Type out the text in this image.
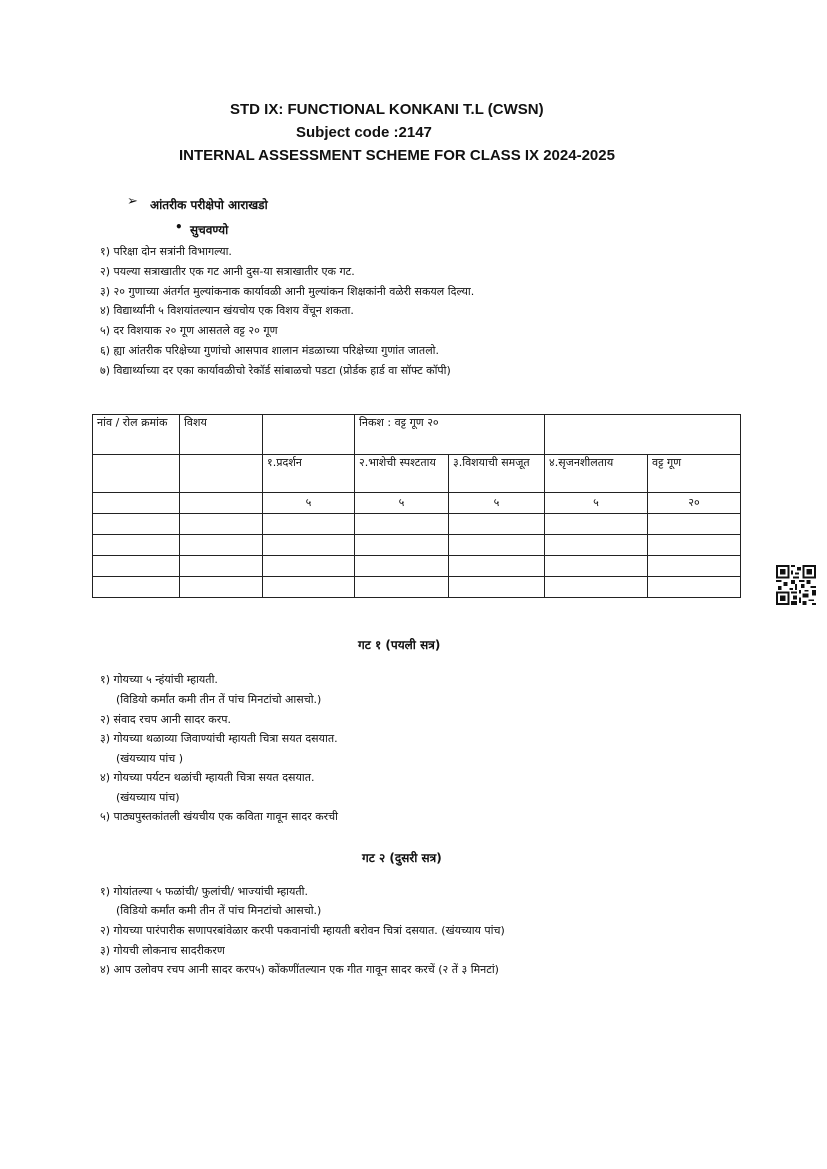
STD IX: FUNCTIONAL KONKANI T.L (CWSN)
Subject code :2147
INTERNAL ASSESSMENT SCHEME FOR CLASS IX 2024-2025
➢ आंतरीक परीक्षेपो आराखडो
• सुचवण्यो
१) परिक्षा दोन सत्रांनी विभागल्या.
२) पयल्या सत्राखातीर एक गट आनी दुस-या सत्राखातीर एक गट.
३) २० गुणाच्या अंतर्गत मुल्यांकनाक कार्यावळी आनी मुल्यांकन शिक्षकांनी वळेरी सकयल दिल्या.
४) विद्यार्थ्यांनी ५ विशयांतल्यान खंयचोय एक विशय वेंचून शकता.
५) दर विशयाक २० गूण आसतले वट्ट २० गूण
६) ह्या आंतरीक परिक्षेच्या गुणांचो आसपाव शालान मंडळाच्या परिक्षेच्या गुणांत जातलो.
७) विद्यार्थ्याच्या दर एका कार्यावळीचो रेकॉर्ड सांबाळचो पडटा (प्रोर्डक हार्ड वा सॉफ्ट कॉपी)
नांव / रोल क्रमांक	विशय		निकश : वट्ट गूण २०			
		१.प्रदर्शन	२.भाशेची स्पश्टताय	३.विशयाची समजूत	४.सृजनशीलताय	वट्ट गूण
		५	५	५	५	२०

गट १ (पयली सत्र)
१) गोयच्या ५ न्हंयांची म्हायती.
(विडियो कर्मांत कमी तीन तें पांच मिनटांचो आसचो.)
२) संवाद रचप आनी सादर करप.
३) गोयच्या थळाव्या जिवाण्यांची म्हायती चित्रा सयत दसयात.
(खंयच्याय पांच )
४) गोयच्या पर्यटन थळांची म्हायती चित्रा सयत दसयात.
(खंयच्याय पांच)
५) पाठ्यपुस्तकांतली खंयचीय एक कविता गावून सादर करची
गट २ (दुसरी सत्र)
१) गोयांतल्या ५ फळांची/ फुलांची/ भाज्यांची म्हायती.
(विडियो कर्मांत कमी तीन तें पांच मिनटांचो आसचो.)
२) गोयच्या पारंपारीक सणापरबांवेळार करपी पकवानांची म्हायती बरोवन चित्रां दसयात. (खंयच्याय पांच)
३) गोयची लोकनाच सादरीकरण
४) आप उलोवप रचप आनी सादर करप५) कोंकणींतल्यान एक गीत गावून सादर करचें (२ तें ३ मिनटां)
